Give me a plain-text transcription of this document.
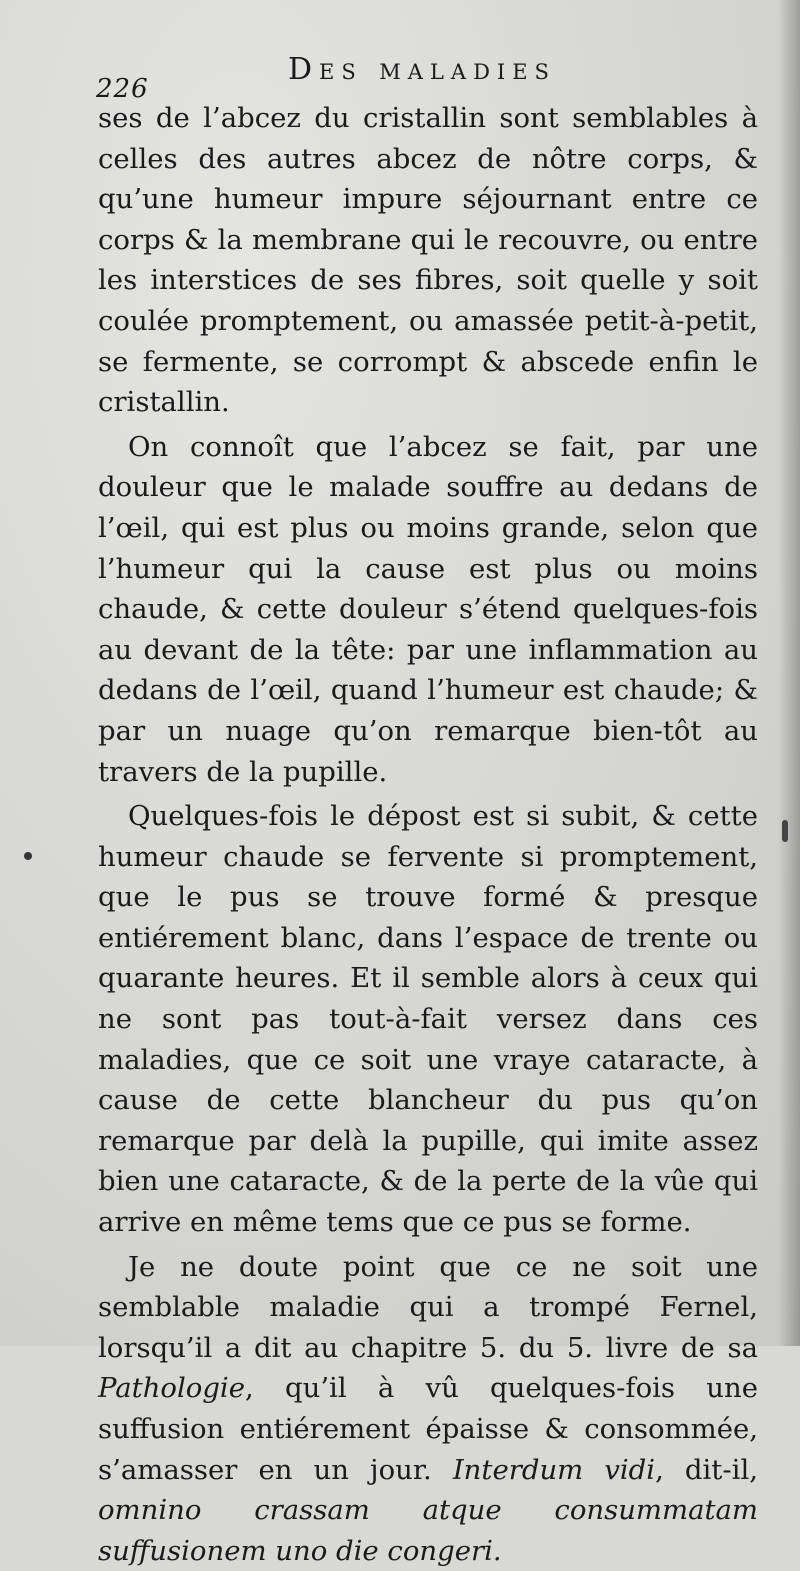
226
Des maladies

ses de l’abcez du cristallin sont semblables à celles des autres abcez de nôtre corps, & qu’une humeur impure séjournant entre ce corps & la membrane qui le recouvre, ou entre les interstices de ses fibres, soit quelle y soit coulée promptement, ou amassée petit-à-petit, se fermente, se corrompt & abscede enfin le cristallin.

On connoît que l’abcez se fait, par une douleur que le malade souffre au dedans de l’œil, qui est plus ou moins grande, selon que l’humeur qui la cause est plus ou moins chaude, & cette douleur s’étend quelques-fois au devant de la tête: par une inflammation au dedans de l’œil, quand l’humeur est chaude; & par un nuage qu’on remarque bien-tôt au travers de la pupille.

Quelques-fois le dépost est si subit, & cette humeur chaude se fervente si promptement, que le pus se trouve formé & presque entiérement blanc, dans l’espace de trente ou quarante heures. Et il semble alors à ceux qui ne sont pas tout-à-fait versez dans ces maladies, que ce soit une vraye cataracte, à cause de cette blancheur du pus qu’on remarque par delà la pupille, qui imite assez bien une cataracte, & de la perte de la vûe qui arrive en même tems que ce pus se forme.

Je ne doute point que ce ne soit une semblable maladie qui a trompé Fernel, lorsqu’il a dit au chapitre 5. du 5. livre de sa Pathologie, qu’il à vû quelques-fois une suffusion entiérement épaisse & consommée, s’amasser en un jour. Interdum vidi, dit-il, omnino crassam atque consummatam suffusionem uno die congeri.
